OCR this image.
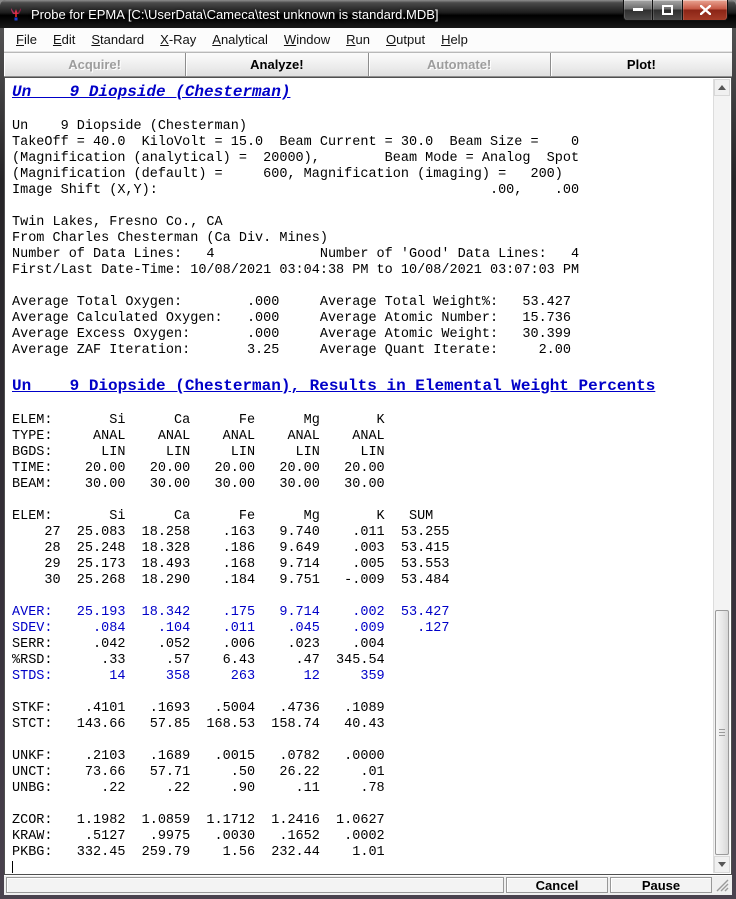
Probe for EPMA [C:\UserData\Cameca\test unknown is standard.MDB]
File	Edit	Standard	X-Ray	Analytical	Window	Run	Output	Help
Acquire!	Analyze!	Automate!	Plot!
Un    9 Diopside (Chesterman)
Un    9 Diopside (Chesterman)
TakeOff = 40.0  KiloVolt = 15.0  Beam Current = 30.0  Beam Size =    0
(Magnification (analytical) =  20000),        Beam Mode = Analog  Spot
(Magnification (default) =     600, Magnification (imaging) =   200)
Image Shift (X,Y):                                         .00,    .00
Twin Lakes, Fresno Co., CA
From Charles Chesterman (Ca Div. Mines)
Number of Data Lines:   4             Number of 'Good' Data Lines:   4
First/Last Date-Time: 10/08/2021 03:04:38 PM to 10/08/2021 03:07:03 PM
Average Total Oxygen:        .000     Average Total Weight%:   53.427
Average Calculated Oxygen:   .000     Average Atomic Number:   15.736
Average Excess Oxygen:       .000     Average Atomic Weight:   30.399
Average ZAF Iteration:       3.25     Average Quant Iterate:     2.00
Un    9 Diopside (Chesterman), Results in Elemental Weight Percents
ELEM:       Si      Ca      Fe      Mg       K
TYPE:     ANAL    ANAL    ANAL    ANAL    ANAL
BGDS:      LIN     LIN     LIN     LIN     LIN
TIME:    20.00   20.00   20.00   20.00   20.00
BEAM:    30.00   30.00   30.00   30.00   30.00
ELEM:       Si      Ca      Fe      Mg       K   SUM
27  25.083  18.258    .163   9.740    .011  53.255
28  25.248  18.328    .186   9.649    .003  53.415
29  25.173  18.493    .168   9.714    .005  53.553
30  25.268  18.290    .184   9.751   -.009  53.484
AVER:   25.193  18.342    .175   9.714    .002  53.427
SDEV:     .084    .104    .011    .045    .009    .127
SERR:     .042    .052    .006    .023    .004
%RSD:      .33     .57    6.43     .47  345.54
STDS:       14     358     263      12     359
STKF:    .4101   .1693   .5004   .4736   .1089
STCT:   143.66   57.85  168.53  158.74   40.43
UNKF:    .2103   .1689   .0015   .0782   .0000
UNCT:    73.66   57.71     .50   26.22     .01
UNBG:      .22     .22     .90     .11     .78
ZCOR:   1.1982  1.0859  1.1712  1.2416  1.0627
KRAW:    .5127   .9975   .0030   .1652   .0002
PKBG:   332.45  259.79    1.56  232.44    1.01
Cancel	Pause
